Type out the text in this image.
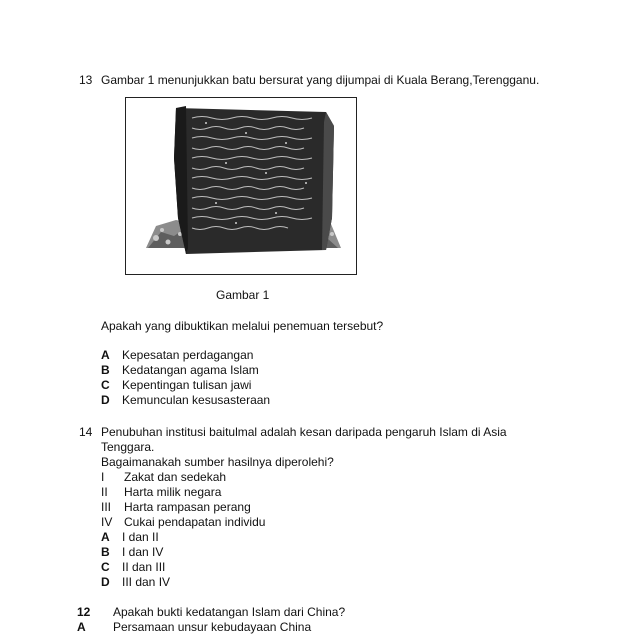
13 Gambar 1 menunjukkan batu bersurat yang dijumpai di Kuala Berang,Terengganu.
Gambar 1
Apakah yang dibuktikan melalui penemuan tersebut?
A Kepesatan perdagangan
B Kedatangan agama Islam
C Kepentingan tulisan jawi
D Kemunculan kesusasteraan
14 Penubuhan institusi baitulmal adalah kesan daripada pengaruh Islam di Asia
Tenggara.
Bagaimanakah sumber hasilnya diperolehi?
I Zakat dan sedekah
II Harta milik negara
III Harta rampasan perang
IV Cukai pendapatan individu
A I dan II
B I dan IV
C II dan III
D III dan IV
12 Apakah bukti kedatangan Islam dari China?
A Persamaan unsur kebudayaan China
